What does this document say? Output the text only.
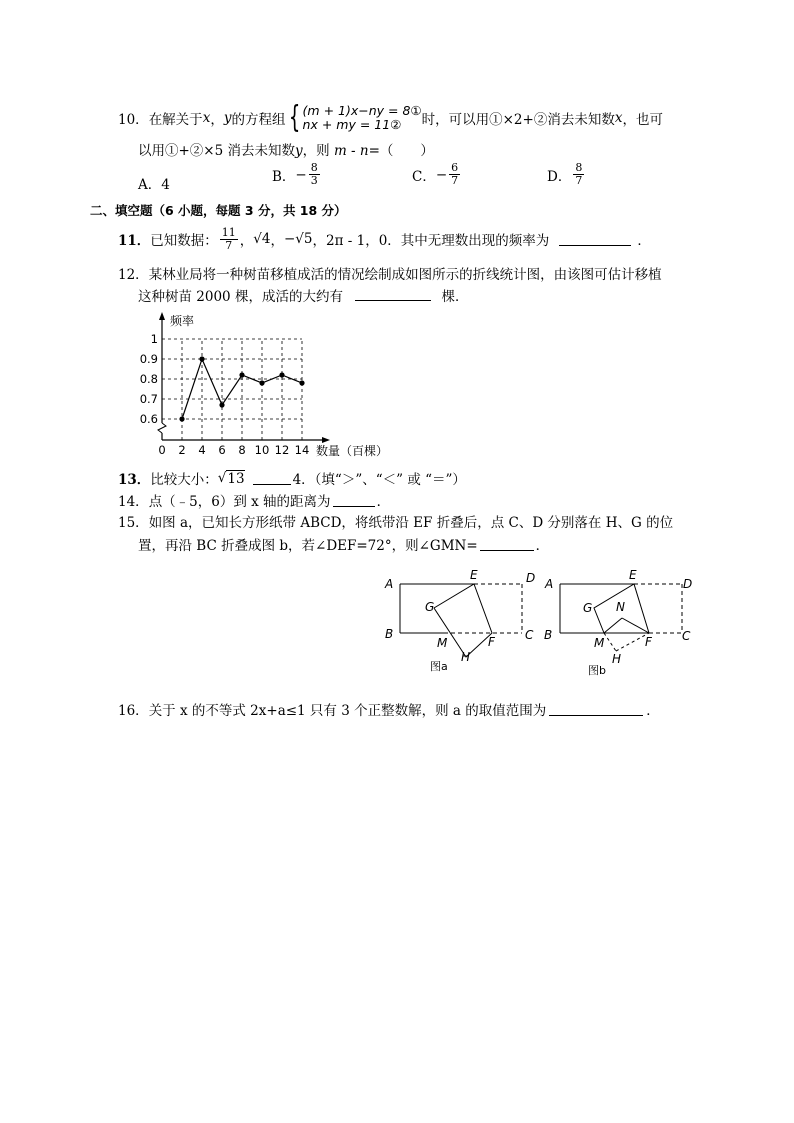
10． 在解关于 x ， y 的方程组 { (m + 1)x−ny = 8①
nx + my = 11②	时，可以用①×2+②消去未知数 x ，也可
以用①+②×5 消去未知数y，则 m - n=（　　）
A．4
B． − $\frac{8}{3}$	C． − $\frac{6}{7}$	D． $\frac{8}{7}$
二、填空题（6 小题，每题 3 分，共 18 分）
11． 已知数据： $\frac{11}{7}$ ， √4 ， −√5 ， 2π - 1，0．其中无理数出现的频率为	．
12．某林业局将一种树苗移植成活的情况绘制成如图所示的折线统计图，由该图可估计移植
这种树苗 2000 棵，成活的大约有	棵．
0.6
0.7
0.8
0.9
1
0 2 4 6 8 10 12 14
频率
数量（百棵）
13． 比较大小： √ 13	4．（填“＞”、“＜” 或 “＝”）
14． 点（﹣5，6）到 x 轴的距离为	．
15．如图 a，已知长方形纸带 ABCD，将纸带沿 EF 折叠后，点 C、D 分别落在 H、G 的位
置，再沿 BC 折叠成图 b，若∠DEF=72°，则∠GMN=	．
A
B	C
D
E
F
G
H
M
图a
A
B	C
D
E
F
G
H
M
N
图b
16． 关于 x 的不等式 2x+a≤1 只有 3 个正整数解，则 a 的取值范围为	．
